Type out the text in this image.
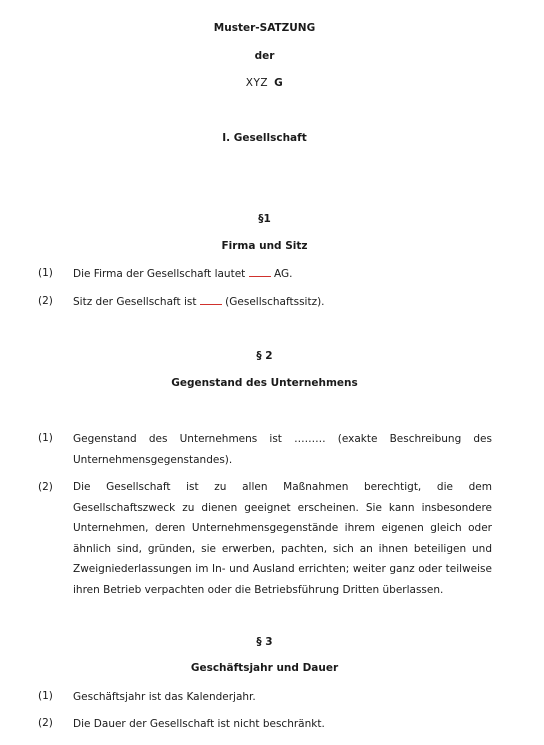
Muster-SATZUNG
der
XYZ G
I. Gesellschaft
§1
Firma und Sitz
(1) Die Firma der Gesellschaft lautet  AG.
(2) Sitz der Gesellschaft ist  (Gesellschaftssitz).
§ 2
Gegenstand des Unternehmens
(1) Gegenstand des Unternehmens ist ……… (exakte Beschreibung des Unternehmensgegenstandes).
(2) Die Gesellschaft ist zu allen Maßnahmen berechtigt, die dem Gesellschaftszweck zu dienen geeignet erscheinen. Sie kann insbesondere Unternehmen, deren Unternehmensgegenstände ihrem eigenen gleich oder ähnlich sind, gründen, sie erwerben, pachten, sich an ihnen beteiligen und Zweigniederlassungen im In- und Ausland errichten; weiter ganz oder teilweise ihren Betrieb verpachten oder die Betriebsführung Dritten überlassen.
§ 3
Geschäftsjahr und Dauer
(1) Geschäftsjahr ist das Kalenderjahr.
(2) Die Dauer der Gesellschaft ist nicht beschränkt.
